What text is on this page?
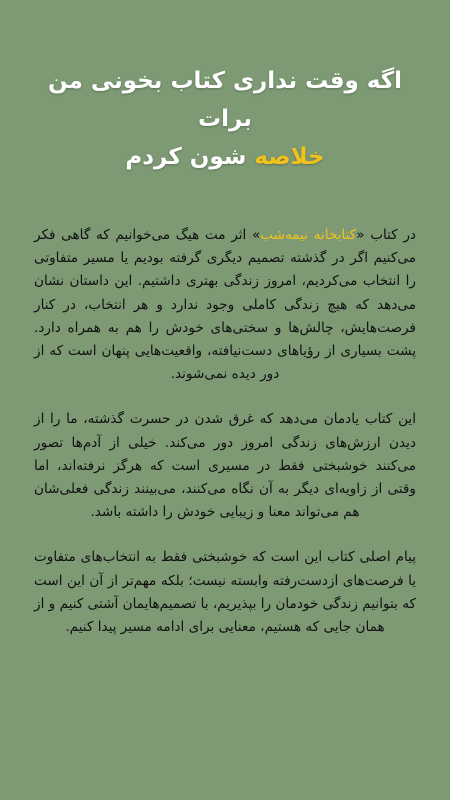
اگه وقت نداری کتاب بخونی من برات
خلاصه شون کردم

در کتاب «کتابخانه نیمه‌شب» اثر مت هیگ می‌خوانیم که گاهی فکر می‌کنیم اگر در گذشته تصمیم دیگری گرفته بودیم یا مسیر متفاوتی را انتخاب می‌کردیم، امروز زندگی بهتری داشتیم. این داستان نشان می‌دهد که هیچ زندگی کاملی وجود ندارد و هر انتخاب، در کنار فرصت‌هایش، چالش‌ها و سختی‌های خودش را هم به همراه دارد. پشت بسیاری از رؤیاهای دست‌نیافته، واقعیت‌هایی پنهان است که از دور دیده نمی‌شوند.

این کتاب یادمان می‌دهد که غرق شدن در حسرت گذشته، ما را از دیدن ارزش‌های زندگی امروز دور می‌کند. خیلی از آدم‌ها تصور می‌کنند خوشبختی فقط در مسیری است که هرگز نرفته‌اند، اما وقتی از زاویه‌ای دیگر به آن نگاه می‌کنند، می‌بینند زندگی فعلی‌شان هم می‌تواند معنا و زیبایی خودش را داشته باشد.

پیام اصلی کتاب این است که خوشبختی فقط به انتخاب‌های متفاوت یا فرصت‌های ازدست‌رفته وابسته نیست؛ بلکه مهم‌تر از آن این است که بتوانیم زندگی خودمان را بپذیریم، با تصمیم‌هایمان آشتی کنیم و از همان جایی که هستیم، معنایی برای ادامه مسیر پیدا کنیم.
